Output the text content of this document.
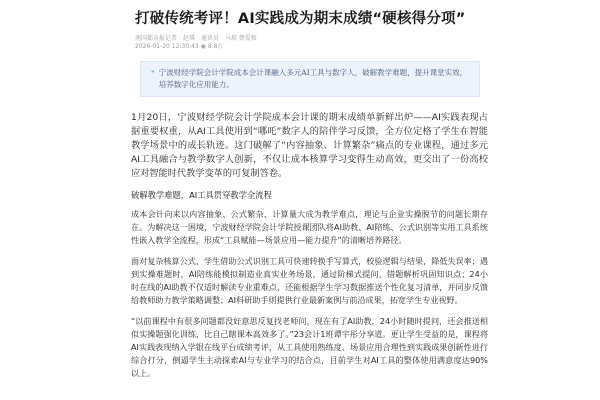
打破传统考评！AI实践成为期末成绩“硬核得分项”
南国都市报记者 赵琪 通讯员 马琼 蔡爱和
2026-01-20 12:30:43 ◉ 8.8万
❝ 宁波财经学院会计学院成本会计课融入多元AI工具与数字人，破解教学难题，提升课堂实效，培养数字化应用能力。

1月20日，宁波财经学院会计学院成本会计课的期末成绩单新鲜出炉——AI实践表现占据重要权重，从AI工具使用到“哪吒”数字人的陪伴学习反馈，全方位定格了学生在智能教学场景中的成长轨迹。这门破解了“内容抽象、计算繁杂”痛点的专业课程，通过多元AI工具融合与教学数字人创新，不仅让成本核算学习变得生动高效，更交出了一份高校应对智能时代教学变革的可复制答卷。

破解教学难题，AI工具贯穿教学全流程

成本会计向来以内容抽象、公式繁杂、计算量大成为教学难点，理论与企业实操脱节的问题长期存在。为解决这一困境，宁波财经学院会计学院授课团队将AI助教、AI陪练、公式识别等实用工具系统性嵌入教学全流程，形成“工具赋能—场景应用—能力提升”的清晰培养路径。

面对复杂核算公式，学生借助公式识别工具可快速转换手写算式，校验逻辑与结果，降低失误率；遇到实操难题时，AI陪练能模拟制造业真实业务场景，通过阶梯式提问、错题解析巩固知识点；24小时在线的AI助教不仅适时解读专业重难点，还能根据学生学习数据推送个性化复习清单，并同步反馈给教师助力教学策略调整；AI科研助手则提供行业最新案例与前沿成果，拓宽学生专业视野。

“以前课程中有很多问题都没好意思反复找老师问，现在有了AI助教，24小时随时提问，还会推送相似实操题强化训练，比自己瞎课本高效多了。”23会计1班谭宇彤分享道。更让学生受益的是，课程将AI实践表现纳入学银在线平台成绩考评，从工具使用熟练度、场景应用合理性到实践成果创新性进行综合打分，倒逼学生主动探索AI与专业学习的结合点，目前学生对AI工具的整体使用满意度达90%以上。
